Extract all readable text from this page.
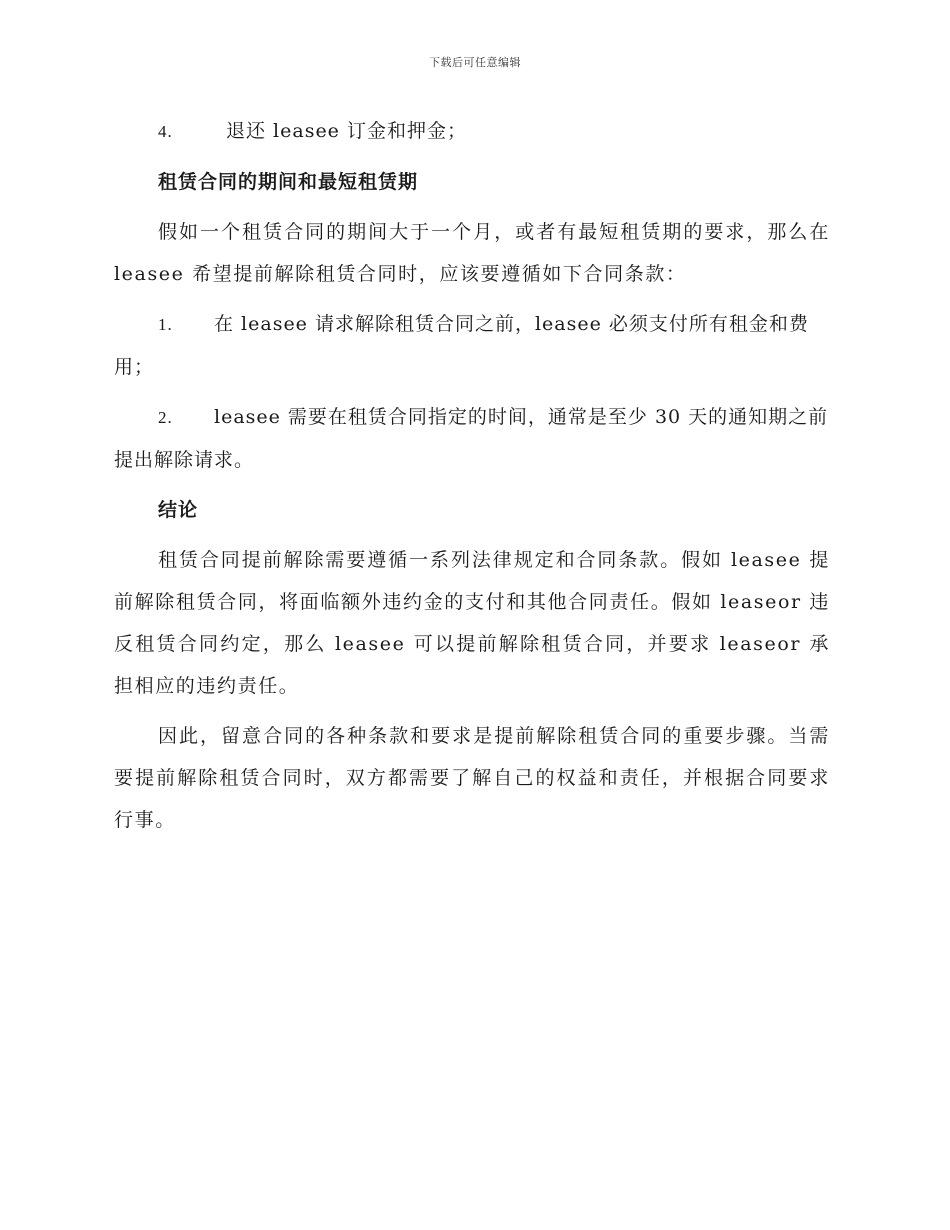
下载后可任意编辑
4.	退还 leasee 订金和押金；
租赁合同的期间和最短租赁期

假如一个租赁合同的期间大于一个月，或者有最短租赁期的要求，那么在 leasee 希望提前解除租赁合同时，应该要遵循如下合同条款：

1. 在 leasee 请求解除租赁合同之前，leasee 必须支付所有租金和费用；
2. leasee 需要在租赁合同指定的时间，通常是至少 30 天的通知期之前提出解除请求。
结论

租赁合同提前解除需要遵循一系列法律规定和合同条款。假如 leasee 提前解除租赁合同，将面临额外违约金的支付和其他合同责任。假如 leaseor 违反租赁合同约定，那么 leasee 可以提前解除租赁合同，并要求 leaseor 承担相应的违约责任。

因此，留意合同的各种条款和要求是提前解除租赁合同的重要步骤。当需要提前解除租赁合同时，双方都需要了解自己的权益和责任，并根据合同要求行事。
